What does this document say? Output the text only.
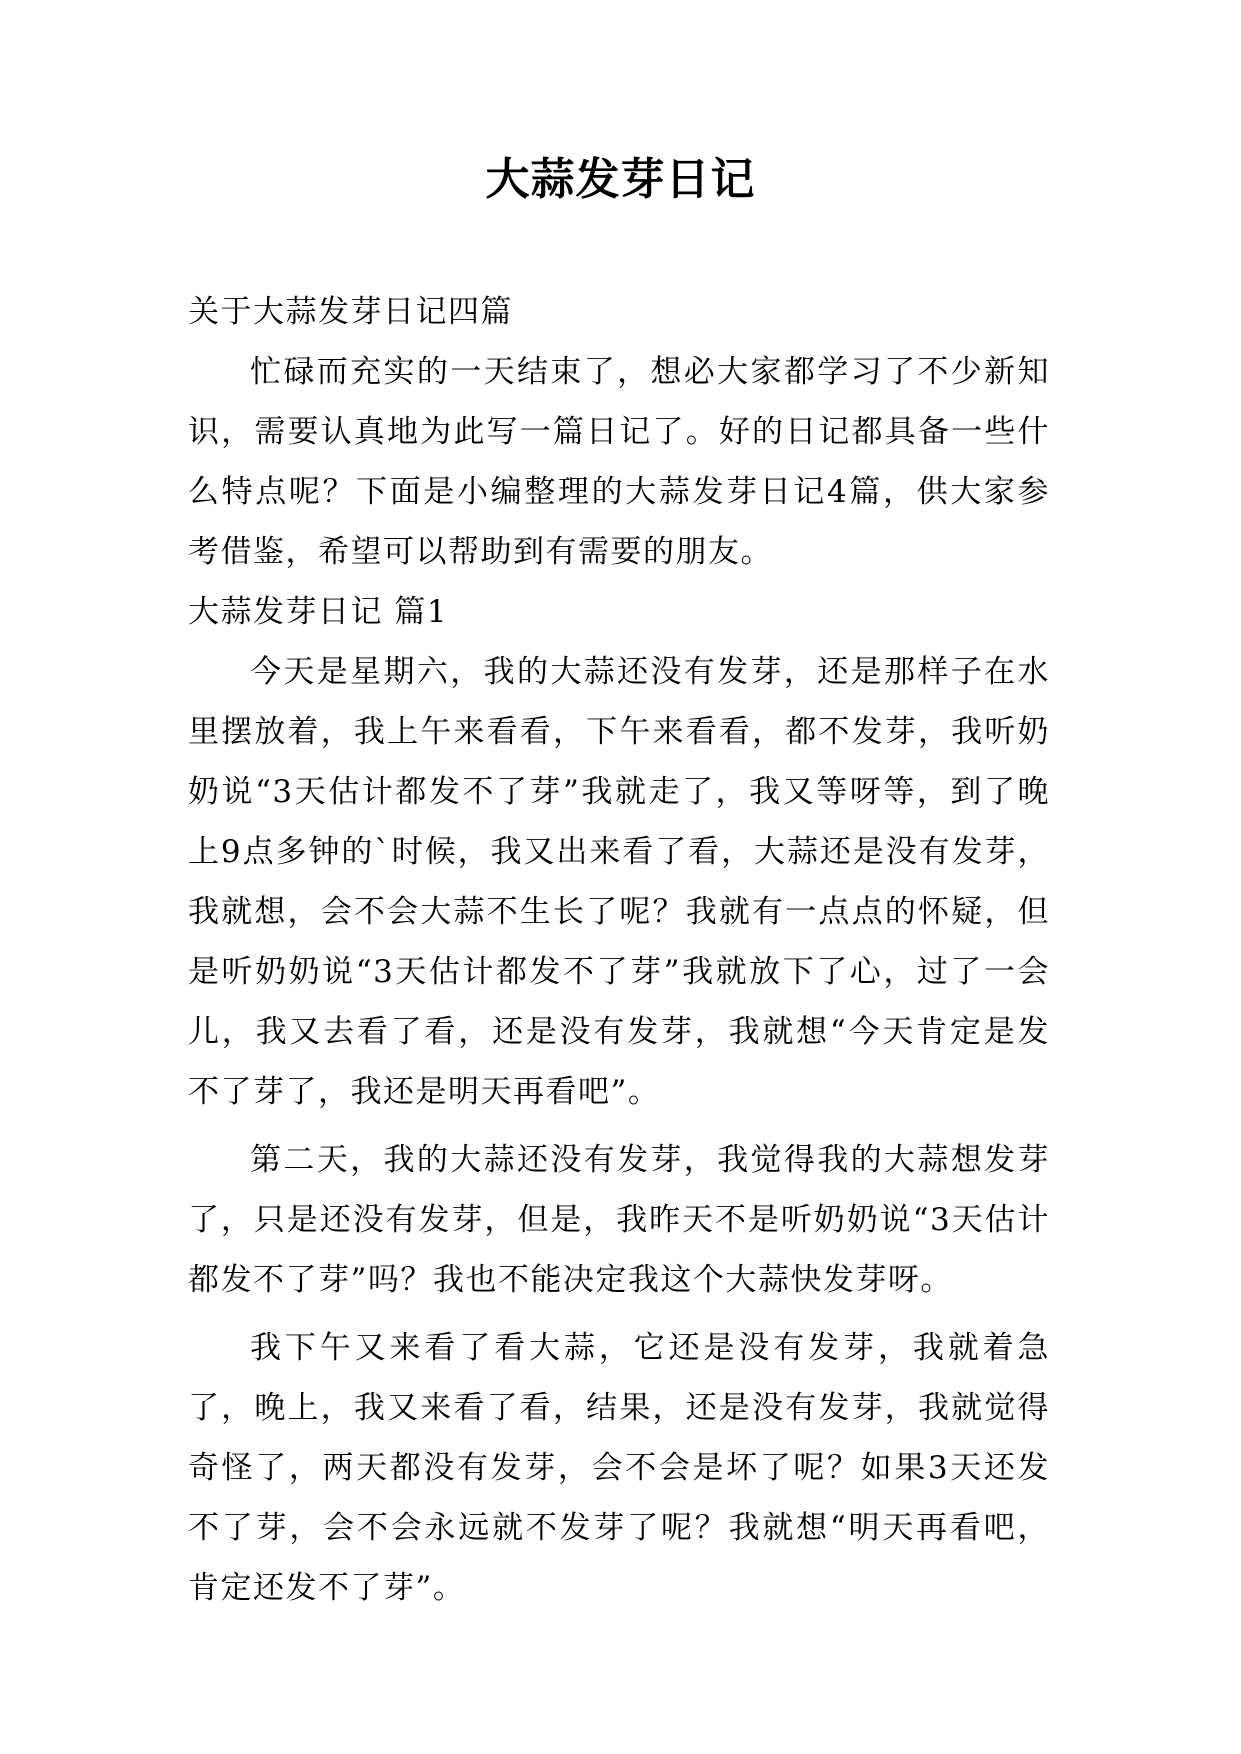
大蒜发芽日记

关于大蒜发芽日记四篇

忙碌而充实的一天结束了，想必大家都学习了不少新知识，需要认真地为此写一篇日记了。好的日记都具备一些什么特点呢？下面是小编整理的大蒜发芽日记4篇，供大家参考借鉴，希望可以帮助到有需要的朋友。

大蒜发芽日记 篇1

今天是星期六，我的大蒜还没有发芽，还是那样子在水里摆放着，我上午来看看，下午来看看，都不发芽，我听奶奶说“3天估计都发不了芽”我就走了，我又等呀等，到了晚上9点多钟的`时候，我又出来看了看，大蒜还是没有发芽，我就想，会不会大蒜不生长了呢？我就有一点点的怀疑，但是听奶奶说“3天估计都发不了芽”我就放下了心，过了一会儿，我又去看了看，还是没有发芽，我就想“今天肯定是发不了芽了，我还是明天再看吧”。

第二天，我的大蒜还没有发芽，我觉得我的大蒜想发芽了，只是还没有发芽，但是，我昨天不是听奶奶说“3天估计都发不了芽”吗？我也不能决定我这个大蒜快发芽呀。

我下午又来看了看大蒜，它还是没有发芽，我就着急了，晚上，我又来看了看，结果，还是没有发芽，我就觉得奇怪了，两天都没有发芽，会不会是坏了呢？如果3天还发不了芽，会不会永远就不发芽了呢？我就想“明天再看吧，肯定还发不了芽”。
